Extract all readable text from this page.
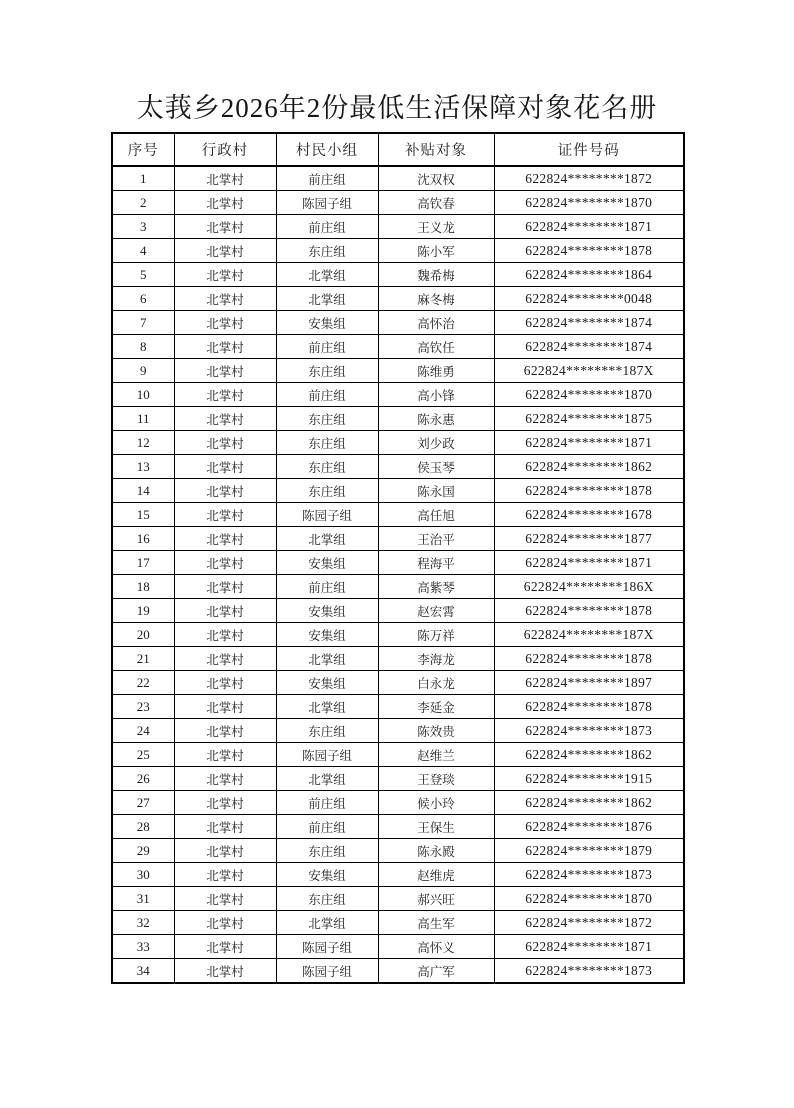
太莪乡2026年2份最低生活保障对象花名册
序号	行政村	村民小组	补贴对象	证件号码
1	北掌村	前庄组	沈双权	622824********1872
2	北掌村	陈园子组	高钦春	622824********1870
3	北掌村	前庄组	王义龙	622824********1871
4	北掌村	东庄组	陈小军	622824********1878
5	北掌村	北掌组	魏希梅	622824********1864
6	北掌村	北掌组	麻冬梅	622824********0048
7	北掌村	安集组	高怀治	622824********1874
8	北掌村	前庄组	高钦任	622824********1874
9	北掌村	东庄组	陈维勇	622824********187X
10	北掌村	前庄组	高小锋	622824********1870
11	北掌村	东庄组	陈永惠	622824********1875
12	北掌村	东庄组	刘少政	622824********1871
13	北掌村	东庄组	侯玉琴	622824********1862
14	北掌村	东庄组	陈永国	622824********1878
15	北掌村	陈园子组	高任旭	622824********1678
16	北掌村	北掌组	王治平	622824********1877
17	北掌村	安集组	程海平	622824********1871
18	北掌村	前庄组	高紫琴	622824********186X
19	北掌村	安集组	赵宏霄	622824********1878
20	北掌村	安集组	陈万祥	622824********187X
21	北掌村	北掌组	李海龙	622824********1878
22	北掌村	安集组	白永龙	622824********1897
23	北掌村	北掌组	李延金	622824********1878
24	北掌村	东庄组	陈效贵	622824********1873
25	北掌村	陈园子组	赵维兰	622824********1862
26	北掌村	北掌组	王登琰	622824********1915
27	北掌村	前庄组	候小玲	622824********1862
28	北掌村	前庄组	王保生	622824********1876
29	北掌村	东庄组	陈永殿	622824********1879
30	北掌村	安集组	赵维虎	622824********1873
31	北掌村	东庄组	郝兴旺	622824********1870
32	北掌村	北掌组	高生军	622824********1872
33	北掌村	陈园子组	高怀义	622824********1871
34	北掌村	陈园子组	高广军	622824********1873
